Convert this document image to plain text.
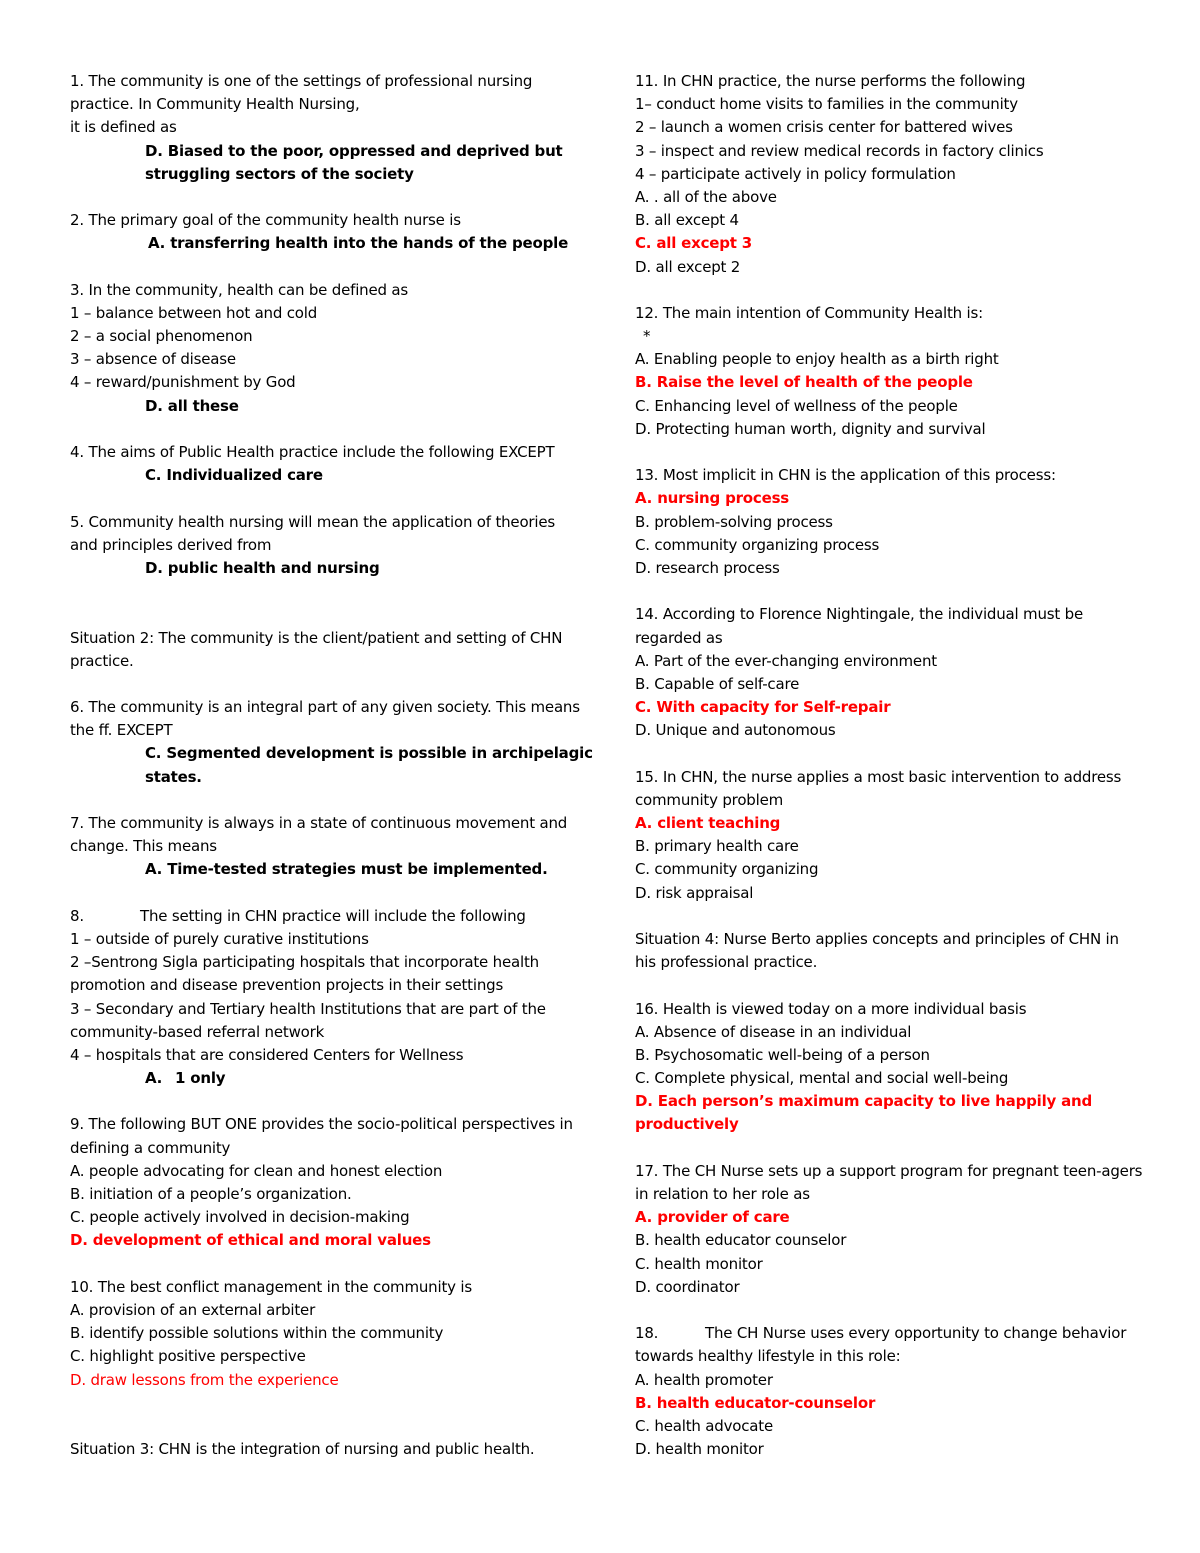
1. The community is one of the settings of professional nursing
practice. In Community Health Nursing,
it is defined as
D. Biased to the poor, oppressed and deprived but
struggling sectors of the society
2. The primary goal of the community health nurse is
A. transferring health into the hands of the people
3. In the community, health can be defined as
1 – balance between hot and cold
2 – a social phenomenon
3 – absence of disease
4 – reward/punishment by God
D. all these
4. The aims of Public Health practice include the following EXCEPT
C. Individualized care
5. Community health nursing will mean the application of theories
and principles derived from
D. public health and nursing
Situation 2: The community is the client/patient and setting of CHN
practice.
6. The community is an integral part of any given society. This means
the ff. EXCEPT
C. Segmented development is possible in archipelagic
states.
7. The community is always in a state of continuous movement and
change. This means
A. Time-tested strategies must be implemented.
8.	The setting in CHN practice will include the following
1 – outside of purely curative institutions
2 –Sentrong Sigla participating hospitals that incorporate health
promotion and disease prevention projects in their settings
3 – Secondary and Tertiary health Institutions that are part of the
community-based referral network
4 – hospitals that are considered Centers for Wellness
A. 1 only
9. The following BUT ONE provides the socio-political perspectives in
defining a community
A. people advocating for clean and honest election
B. initiation of a people’s organization.
C. people actively involved in decision-making
D. development of ethical and moral values
10. The best conflict management in the community is
A. provision of an external arbiter
B. identify possible solutions within the community
C. highlight positive perspective
D. draw lessons from the experience
Situation 3: CHN is the integration of nursing and public health.
11. In CHN practice, the nurse performs the following
1– conduct home visits to families in the community
2 – launch a women crisis center for battered wives
3 – inspect and review medical records in factory clinics
4 – participate actively in policy formulation
A. . all of the above
B. all except 4
C. all except 3
D. all except 2
12. The main intention of Community Health is:
*
A. Enabling people to enjoy health as a birth right
B. Raise the level of health of the people
C. Enhancing level of wellness of the people
D. Protecting human worth, dignity and survival
13. Most implicit in CHN is the application of this process:
A. nursing process
B. problem-solving process
C. community organizing process
D. research process
14. According to Florence Nightingale, the individual must be
regarded as
A. Part of the ever-changing environment
B. Capable of self-care
C. With capacity for Self-repair
D. Unique and autonomous
15. In CHN, the nurse applies a most basic intervention to address
community problem
A. client teaching
B. primary health care
C. community organizing
D. risk appraisal
Situation 4: Nurse Berto applies concepts and principles of CHN in
his professional practice.
16. Health is viewed today on a more individual basis
A. Absence of disease in an individual
B. Psychosomatic well-being of a person
C. Complete physical, mental and social well-being
D. Each person’s maximum capacity to live happily and
productively
17. The CH Nurse sets up a support program for pregnant teen-agers
in relation to her role as
A. provider of care
B. health educator counselor
C. health monitor
D. coordinator
18.	The CH Nurse uses every opportunity to change behavior
towards healthy lifestyle in this role:
A. health promoter
B. health educator-counselor
C. health advocate
D. health monitor
